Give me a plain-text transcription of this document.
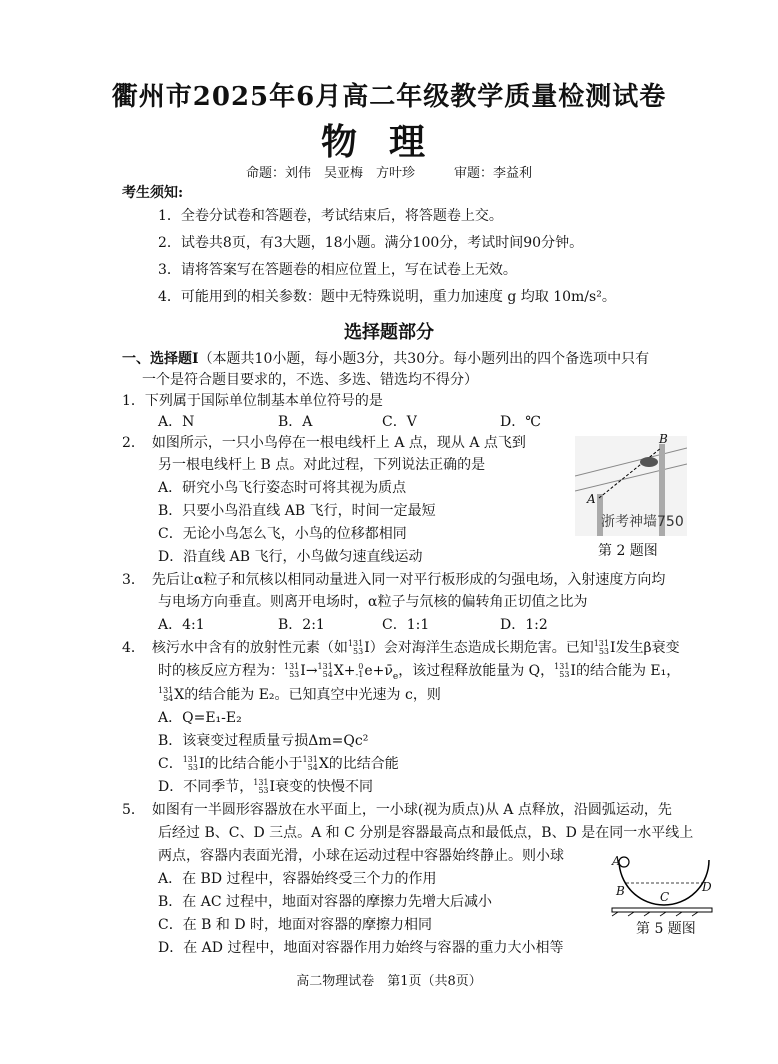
衢州市2025年6月高二年级教学质量检测试卷
物理
命题：刘伟　吴亚梅　方叶珍　　　审题：李益利
考生须知:
1．全卷分试卷和答题卷，考试结束后，将答题卷上交。
2．试卷共8页，有3大题，18小题。满分100分，考试时间90分钟。
3．请将答案写在答题卷的相应位置上，写在试卷上无效。
4．可能用到的相关参数：题中无特殊说明，重力加速度 g 均取 10m/s²。
选择题部分
一、选择题Ⅰ（本题共10小题，每小题3分，共30分。每小题列出的四个备选项中只有
一个是符合题目要求的，不选、多选、错选均不得分）
1．下列属于国际单位制基本单位符号的是
A．N	B．A	C．V	D．℃
2．　如图所示，一只小鸟停在一根电线杆上 A 点，现从 A 点飞到
另一根电线杆上 B 点。对此过程，下列说法正确的是
A．研究小鸟飞行姿态时可将其视为质点
B．只要小鸟沿直线 AB 飞行，时间一定最短
C．无论小鸟怎么飞，小鸟的位移都相同
D．沿直线 AB 飞行，小鸟做匀速直线运动
A
B
浙考神墙750
第 2 题图
3．　先后让α粒子和氘核以相同动量进入同一对平行板形成的匀强电场，入射速度方向均
与电场方向垂直。则离开电场时，α粒子与氘核的偏转角正切值之比为
A．4:1	B．2:1	C．1:1	D．1:2
4．　核污水中含有的放射性元素（如 131
53 I）会对海洋生态造成长期危害。已知 131
53 I发生β衰变
时的核反应方程为： 131
53 I→ 131
54 X+ 0
-1 $e+\nū_e$，该过程释放能量为 Q， 131
53 I的结合能为 E₁，
131
54 X的结合能为 E₂。已知真空中光速为 c，则
A．Q=E₁-E₂
B．该衰变过程质量亏损Δm=Qc²
C． 131
53 I的比结合能小于 131
54 X的比结合能
D．不同季节， 131
53 I衰变的快慢不同
5．　如图有一半圆形容器放在水平面上，一小球(视为质点)从 A 点释放，沿圆弧运动，先
后经过 B、C、D 三点。A 和 C 分别是容器最高点和最低点，B、D 是在同一水平线上
两点，容器内表面光滑，小球在运动过程中容器始终静止。则小球
A．在 BD 过程中，容器始终受三个力的作用
B．在 AC 过程中，地面对容器的摩擦力先增大后减小
C．在 B 和 D 时，地面对容器的摩擦力相同
D．在 AD 过程中，地面对容器作用力始终与容器的重力大小相等
A
B	C
D
第 5 题图
高二物理试卷　第1页（共8页）
